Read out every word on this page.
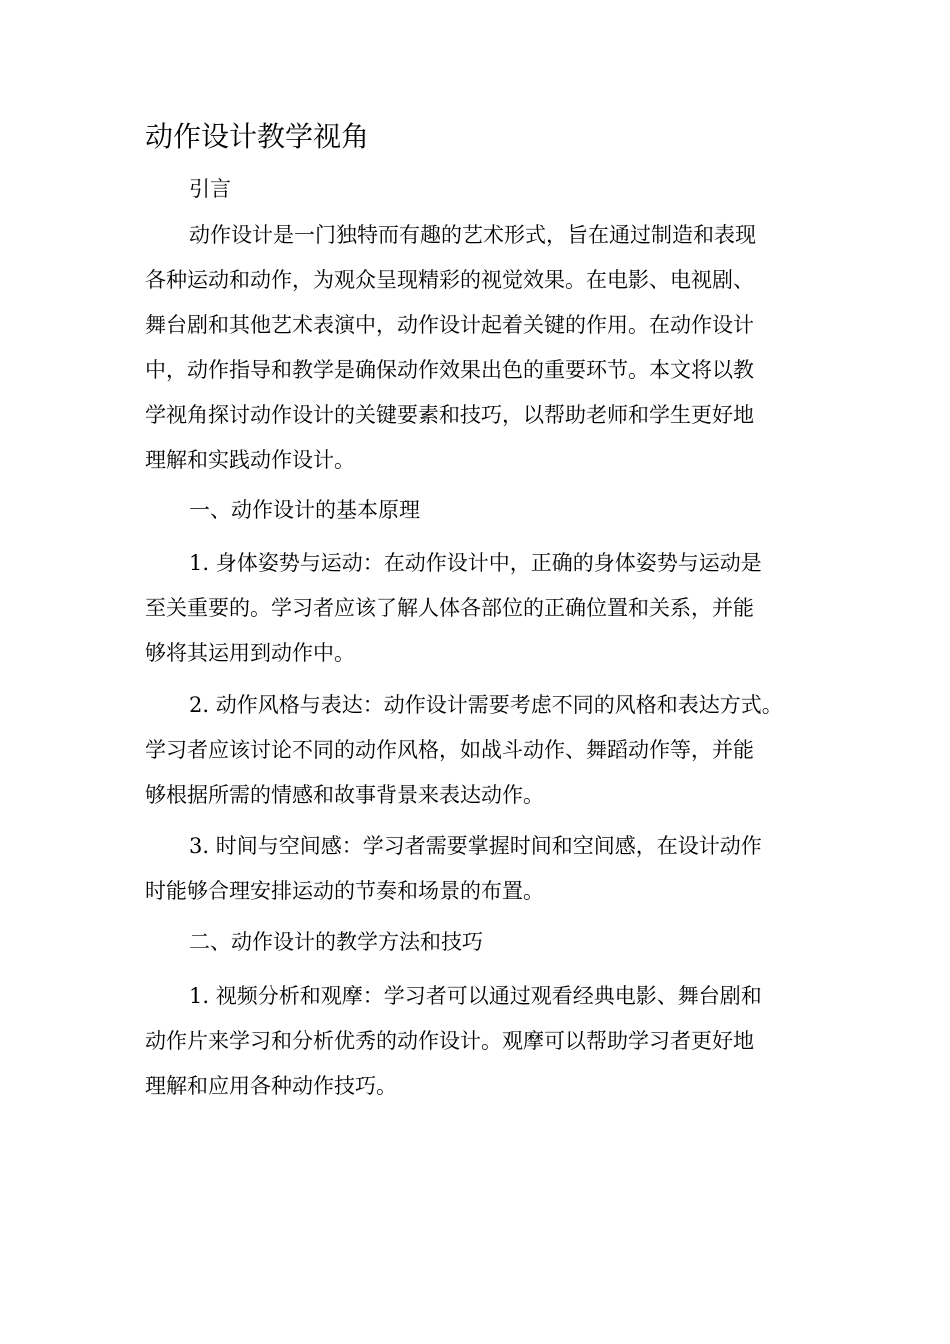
动作设计教学视角

引言

动作设计是一门独特而有趣的艺术形式，旨在通过制造和表现
各种运动和动作，为观众呈现精彩的视觉效果。在电影、电视剧、
舞台剧和其他艺术表演中，动作设计起着关键的作用。在动作设计
中，动作指导和教学是确保动作效果出色的重要环节。本文将以教
学视角探讨动作设计的关键要素和技巧，以帮助老师和学生更好地
理解和实践动作设计。

一、动作设计的基本原理

1. 身体姿势与运动：在动作设计中，正确的身体姿势与运动是
至关重要的。学习者应该了解人体各部位的正确位置和关系，并能
够将其运用到动作中。

2. 动作风格与表达：动作设计需要考虑不同的风格和表达方式。
学习者应该讨论不同的动作风格，如战斗动作、舞蹈动作等，并能
够根据所需的情感和故事背景来表达动作。

3. 时间与空间感：学习者需要掌握时间和空间感，在设计动作
时能够合理安排运动的节奏和场景的布置。

二、动作设计的教学方法和技巧

1. 视频分析和观摩：学习者可以通过观看经典电影、舞台剧和
动作片来学习和分析优秀的动作设计。观摩可以帮助学习者更好地
理解和应用各种动作技巧。
